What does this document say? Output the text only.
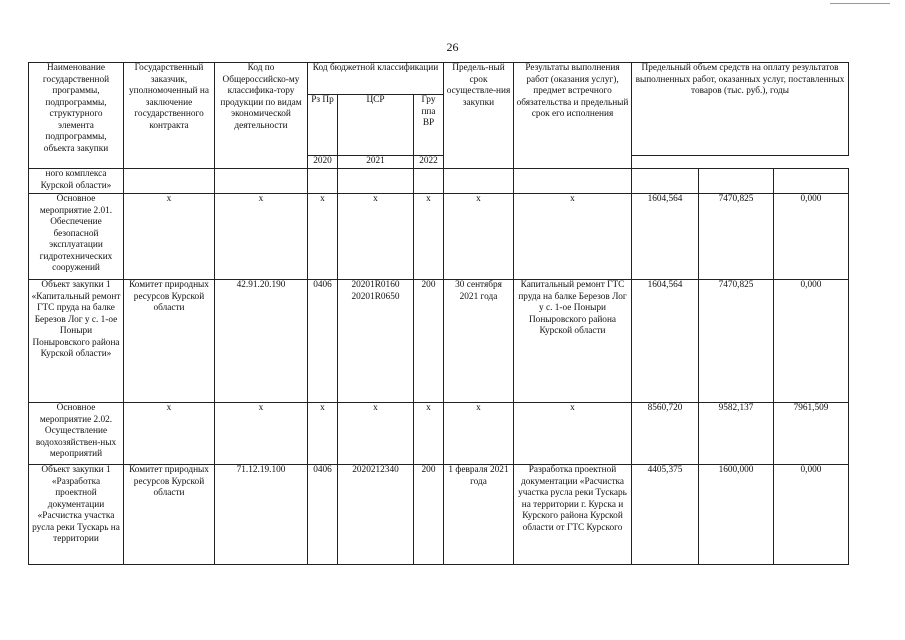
26
Наименование государственной программы, подпрограммы, структурного элемента подпрограммы, объекта закупки	Государственный заказчик, уполномоченный на заключение государственного контракта	Код по Общероссийско-му классифика-тору продукции по видам экономической деятельности	Код бюджетной классификации			Предель-ный срок осуществле-ния закупки	Результаты выполнения работ (оказания услуг), предмет встречного обязательства и предельный срок его исполнения	Предельный объем средств на оплату результатов выполненных работ, оказанных услуг, поставленных товаров (тыс. руб.), годы		
			Рз Пр	ЦСР	Гру ппа ВР					
			2020	2021	2022					
ного комплекса Курской области»										
Основное мероприятие 2.01. Обеспечение безопасной эксплуатации гидротехнических сооружений	x	x	x	x	x	x	x	1604,564	7470,825	0,000
Объект закупки 1 «Капитальный ремонт ГТС пруда на балке Березов Лог у с. 1-ое Поныри Поныровского района Курской области»	Комитет природных ресурсов Курской области	42.91.20.190	0406	20201R0160 20201R0650	200	30 сентября 2021 года	Капитальный ремонт ГТС пруда на балке Березов Лог у с. 1-ое Поныри Поныровского района Курской области	1604,564	7470,825	0,000
Основное мероприятие 2.02. Осуществление водохозяйствен-ных мероприятий	x	x	x	x	x	x	x	8560,720	9582,137	7961,509
Объект закупки 1 «Разработка проектной документации «Расчистка участка русла реки Тускарь на территории	Комитет природных ресурсов Курской области	71.12.19.100	0406	2020212340	200	1 февраля 2021 года	Разработка проектной документации «Расчистка участка русла реки Тускарь на территории г. Курска и Курского района Курской области от ГТС Курского	4405,375	1600,000	0,000
